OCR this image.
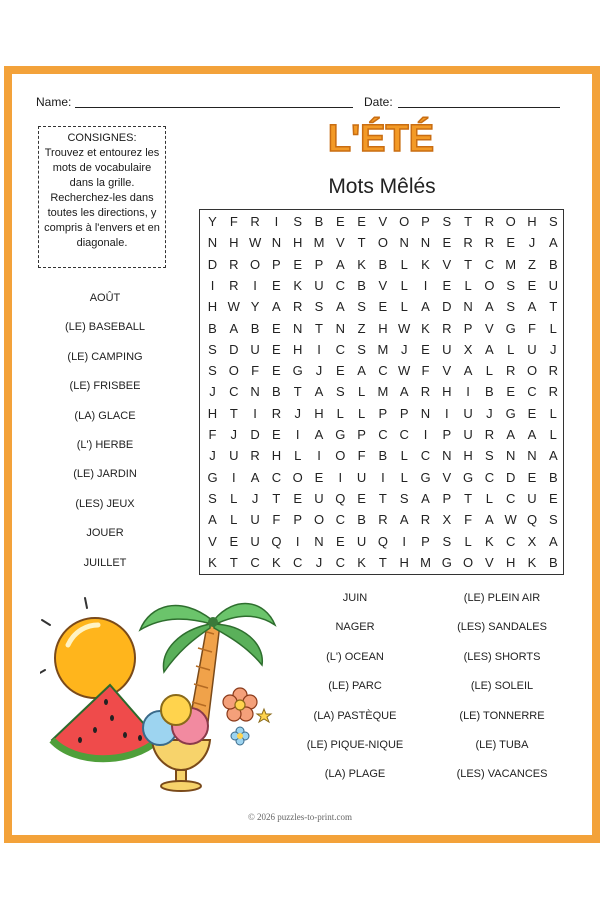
Name:	Date:

CONSIGNES:

Trouvez et entourez les mots de vocabulaire dans la grille. Recherchez-les dans toutes les directions, y compris à l'envers et en diagonale.

L'ÉTÉ
Mots Mêlés
Y F R	I	S B E E V O P S T R O H S
N H W N H M V T O N N E R R E	J	A
D R O P E P A K B	L	K V T C M Z B
I	R	I	E K U C B V	L	I	E	L O S E U
H W Y A R S A S E	L	A D N A S A T
B A B E N T N Z H W K R P V G F	L
S D U E H	I	C S M J	E U X A	L	U	J
S O F E G	J	E A C W F V A	L R O R
J	C N B T	A S	L M A R H	I	B E C R
H T	I	R	J	H L	L	P P N	I	U	J G E	L
F	J	D E	I	A G P C C	I	P U R A A	L
J	U R H L	I	O F B	L	C N H S N N A
G	I	A C O E	I	U	I	L G V G C D E B
S	L	J	T E U Q E T S A P T	L C U E
A	L U F P O C B R A R X F A W Q S
V E U Q	I	N E U Q	I	P S	L	K C X A
K T C K C	J	C K T H M G O V H K B
AOÛT
(LE) BASEBALL
(LE) CAMPING
(LE) FRISBEE
(LA) GLACE
(L') HERBE
(LE) JARDIN
(LES) JEUX
JOUER
JUILLET
JUIN
NAGER
(L') OCEAN
(LE) PARC
(LA) PASTÈQUE
(LE) PIQUE-NIQUE
(LA) PLAGE
(LE) PLEIN AIR
(LES) SANDALES
(LES) SHORTS
(LE) SOLEIL
(LE) TONNERRE
(LE) TUBA
(LES) VACANCES
© 2026 puzzles-to-print.com
